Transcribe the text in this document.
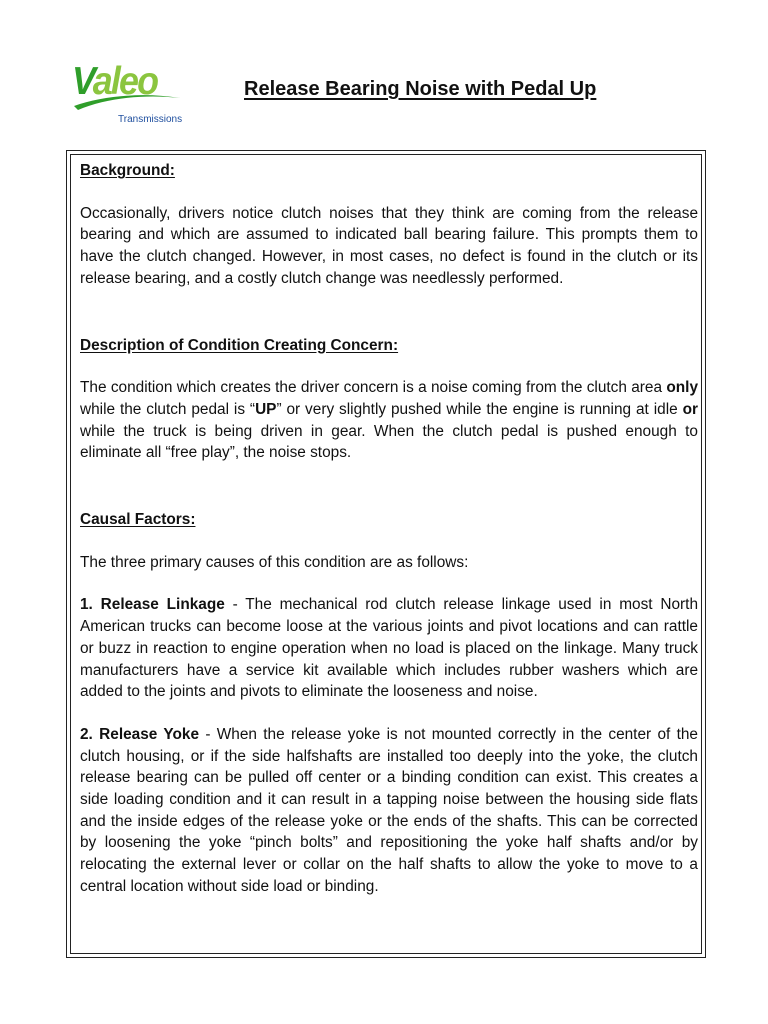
Valeo
Transmissions
Release Bearing Noise with Pedal Up

Background:

Occasionally, drivers notice clutch noises that they think are coming from the release bearing and which are assumed to indicated ball bearing failure. This prompts them to have the clutch changed. However, in most cases, no defect is found in the clutch or its release bearing, and a costly clutch change was needlessly performed.

Description of Condition Creating Concern:

The condition which creates the driver concern is a noise coming from the clutch area only while the clutch pedal is “UP” or very slightly pushed while the engine is running at idle or while the truck is being driven in gear. When the clutch pedal is pushed enough to eliminate all “free play”, the noise stops.

Causal Factors:

The three primary causes of this condition are as follows:

1. Release Linkage - The mechanical rod clutch release linkage used in most North American trucks can become loose at the various joints and pivot locations and can rattle or buzz in reaction to engine operation when no load is placed on the linkage. Many truck manufacturers have a service kit available which includes rubber washers which are added to the joints and pivots to eliminate the looseness and noise.

2. Release Yoke - When the release yoke is not mounted correctly in the center of the clutch housing, or if the side halfshafts are installed too deeply into the yoke, the clutch release bearing can be pulled off center or a binding condition can exist. This creates a side loading condition and it can result in a tapping noise between the housing side flats and the inside edges of the release yoke or the ends of the shafts. This can be corrected by loosening the yoke “pinch bolts” and repositioning the yoke half shafts and/or by relocating the external lever or collar on the half shafts to allow the yoke to move to a central location without side load or binding.
